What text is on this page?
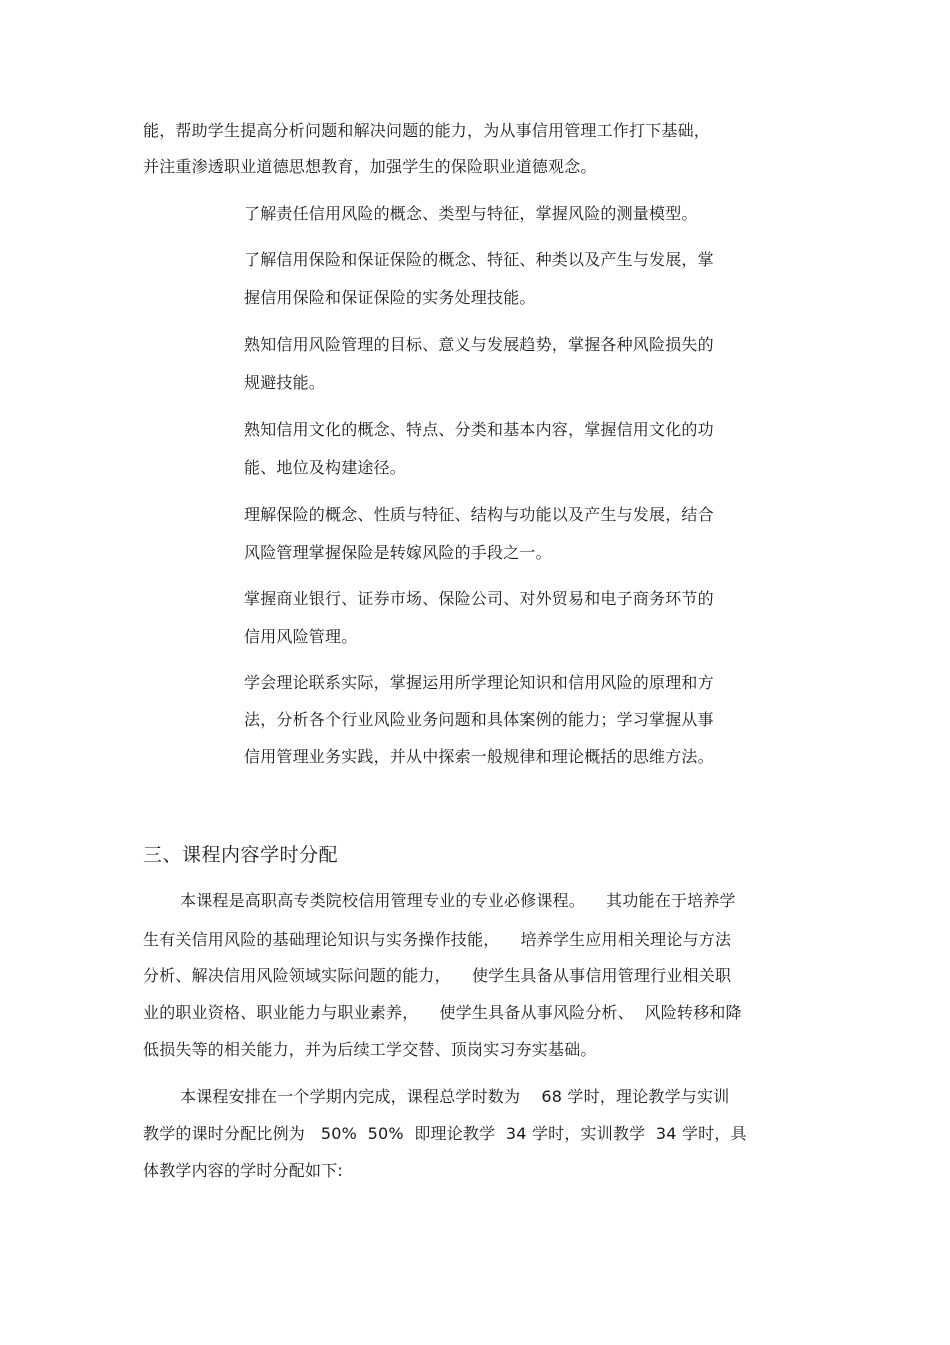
能，帮助学生提高分析问题和解决问题的能力，为从事信用管理工作打下基础，
并注重渗透职业道德思想教育，加强学生的保险职业道德观念。
了解责任信用风险的概念、类型与特征，掌握风险的测量模型。
了解信用保险和保证保险的概念、特征、种类以及产生与发展，掌
握信用保险和保证保险的实务处理技能。
熟知信用风险管理的目标、意义与发展趋势，掌握各种风险损失的
规避技能。
熟知信用文化的概念、特点、分类和基本内容，掌握信用文化的功
能、地位及构建途径。
理解保险的概念、性质与特征、结构与功能以及产生与发展，结合
风险管理掌握保险是转嫁风险的手段之一。
掌握商业银行、证券市场、保险公司、对外贸易和电子商务环节的
信用风险管理。
学会理论联系实际，掌握运用所学理论知识和信用风险的原理和方
法，分析各个行业风险业务问题和具体案例的能力；学习掌握从事
信用管理业务实践，并从中探索一般规律和理论概括的思维方法。
三、课程内容学时分配
本课程是高职高专类院校信用管理专业的专业必修课程。    其功能在于培养学
生有关信用风险的基础理论知识与实务操作技能，    培养学生应用相关理论与方法
分析、解决信用风险领域实际问题的能力，    使学生具备从事信用管理行业相关职
业的职业资格、职业能力与职业素养，    使学生具备从事风险分析、  风险转移和降
低损失等的相关能力，并为后续工学交替、顶岗实习夯实基础。
本课程安排在一个学期内完成，课程总学时数为    68 学时，理论教学与实训
教学的课时分配比例为   50%  50%  即理论教学  34 学时，实训教学  34 学时，具
体教学内容的学时分配如下:
